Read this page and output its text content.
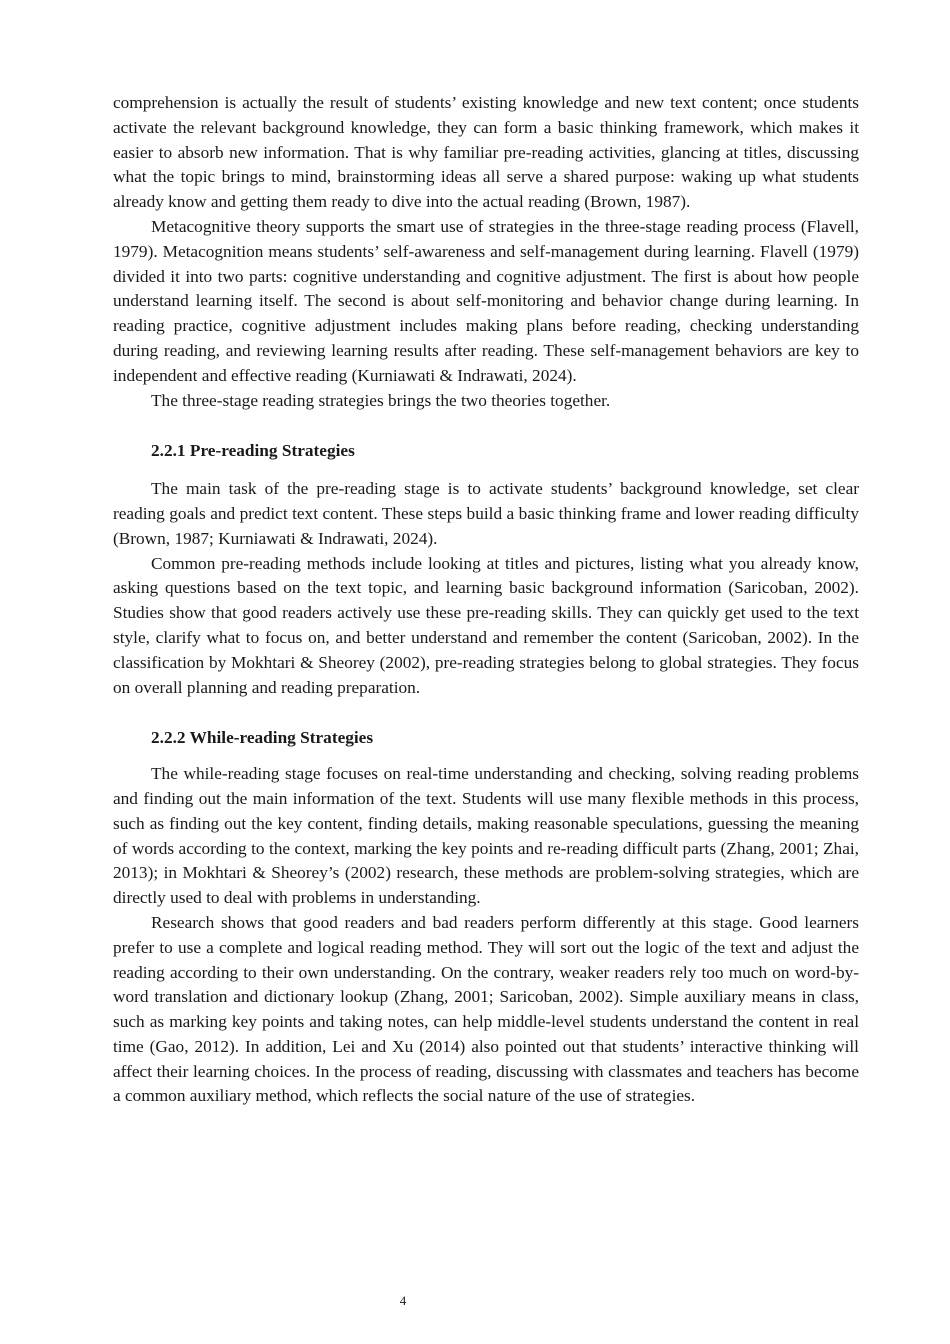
comprehension is actually the result of students’ existing knowledge and new text content; once students activate the relevant background knowledge, they can form a basic thinking framework, which makes it easier to absorb new information. That is why familiar pre-reading activities, glancing at titles, discussing what the topic brings to mind, brainstorming ideas all serve a shared purpose: waking up what students already know and getting them ready to dive into the actual reading (Brown, 1987).

Metacognitive theory supports the smart use of strategies in the three-stage reading process (Flavell, 1979). Metacognition means students’ self-awareness and self-management during learning. Flavell (1979) divided it into two parts: cognitive understanding and cognitive adjustment. The first is about how people understand learning itself. The second is about self-monitoring and behavior change during learning. In reading practice, cognitive adjustment includes making plans before reading, checking understanding during reading, and reviewing learning results after reading. These self-management behaviors are key to independent and effective reading (Kurniawati & Indrawati, 2024).

The three-stage reading strategies brings the two theories together.

2.2.1 Pre-reading Strategies

The main task of the pre-reading stage is to activate students’ background knowledge, set clear reading goals and predict text content. These steps build a basic thinking frame and lower reading difficulty (Brown, 1987; Kurniawati & Indrawati, 2024).

Common pre-reading methods include looking at titles and pictures, listing what you already know, asking questions based on the text topic, and learning basic background information (Saricoban, 2002). Studies show that good readers actively use these pre-reading skills. They can quickly get used to the text style, clarify what to focus on, and better understand and remember the content (Saricoban, 2002). In the classification by Mokhtari & Sheorey (2002), pre-reading strategies belong to global strategies. They focus on overall planning and reading preparation.

2.2.2 While-reading Strategies

The while-reading stage focuses on real-time understanding and checking, solving reading problems and finding out the main information of the text. Students will use many flexible methods in this process, such as finding out the key content, finding details, making reasonable speculations, guessing the meaning of words according to the context, marking the key points and re-reading difficult parts (Zhang, 2001; Zhai, 2013); in Mokhtari & Sheorey’s (2002) research, these methods are problem-solving strategies, which are directly used to deal with problems in understanding.

Research shows that good readers and bad readers perform differently at this stage. Good learners prefer to use a complete and logical reading method. They will sort out the logic of the text and adjust the reading according to their own understanding. On the contrary, weaker readers rely too much on word-by-word translation and dictionary lookup (Zhang, 2001; Saricoban, 2002). Simple auxiliary means in class, such as marking key points and taking notes, can help middle-level students understand the content in real time (Gao, 2012). In addition, Lei and Xu (2014) also pointed out that students’ interactive thinking will affect their learning choices. In the process of reading, discussing with classmates and teachers has become a common auxiliary method, which reflects the social nature of the use of strategies.

4
